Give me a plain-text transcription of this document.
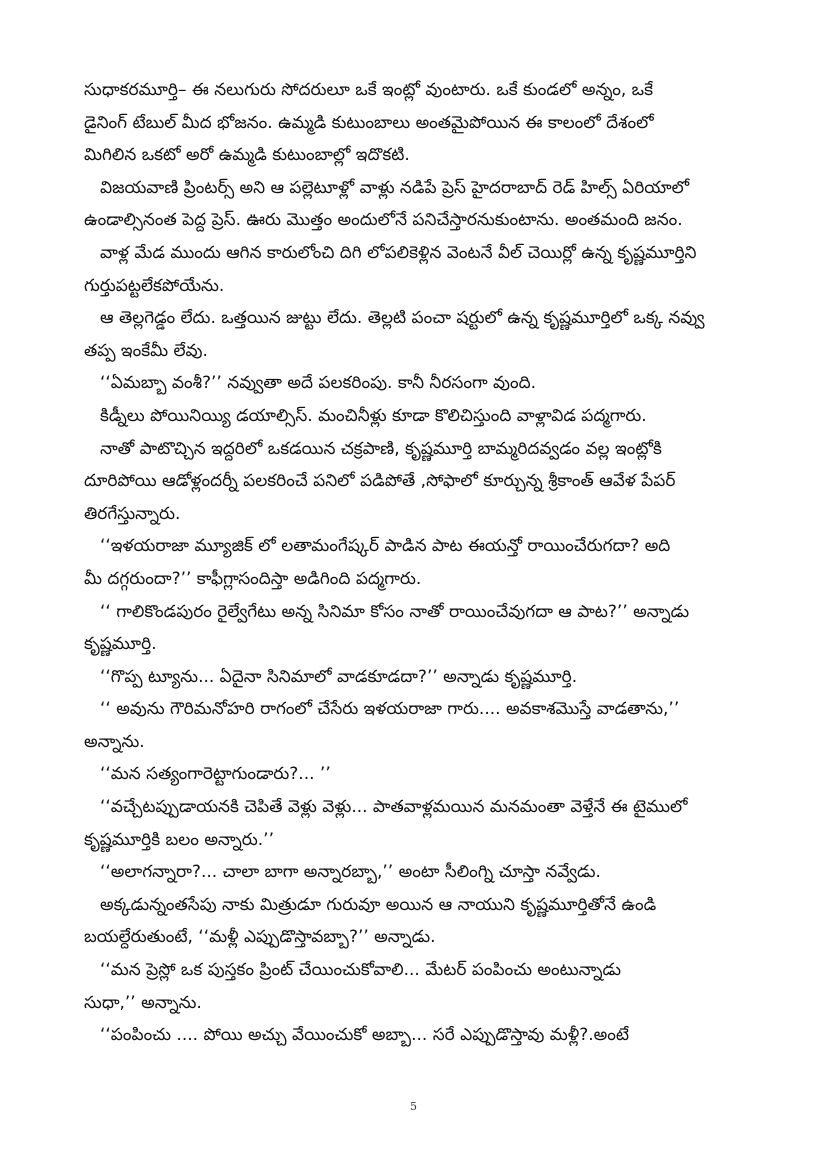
సుధాకరమూర్తి– ఈ నలుగురు సోదరులూ ఒకే ఇంట్లో వుంటారు. ఒకే కుండలో అన్నం, ఒకే
డైనింగ్ టేబుల్ మీద భోజనం. ఉమ్మడి కుటుంబాలు అంతమైపోయిన ఈ కాలంలో దేశంలో
మిగిలిన ఒకటో అరో ఉమ్మడి కుటుంబాల్లో ఇదొకటి.
విజయవాణి ప్రింటర్స్ అని ఆ పల్లెటూళ్లో వాళ్లు నడిపే ప్రెస్ హైదరాబాద్ రెడ్ హిల్స్ ఏరియాలో
ఉండాల్సినంత పెద్ద ప్రెస్. ఊరు మొత్తం అందులోనే పనిచేస్తారనుకుంటాను. అంతమంది జనం.
వాళ్ల మేడ ముందు ఆగిన కారులోంచి దిగి లోపలికెళ్లిన వెంటనే వీల్ చెయిర్లో ఉన్న కృష్ణమూర్తిని
గుర్తుపట్టలేకపోయేను.
ఆ తెల్లగెడ్డం లేదు. ఒత్తయిన జుట్టు లేదు. తెల్లటి పంచా షర్టులో ఉన్న కృష్ణమూర్తిలో ఒక్క నవ్వు
తప్ప ఇంకేమీ లేవు.
‘‘ఏమబ్బా వంశీ?’’ నవ్వుతా అదే పలకరింపు. కానీ నీరసంగా వుంది.
కిడ్నీలు పోయినియ్యి డయాల్సిస్. మంచినీళ్లు కూడా కొలిచిస్తుంది వాళ్లావిడ పద్మగారు.
నాతో పాటొచ్చిన ఇద్దరిలో ఒకడయిన చక్రపాణి, కృష్ణమూర్తి బామ్మరిదవ్వడం వల్ల ఇంట్లోకి
దూరిపోయి ఆడోళ్లందర్నీ పలకరించే పనిలో పడిపోతే ,సోఫాలో కూర్చున్న శ్రీకాంత్ ఆవేళ పేపర్
తిరగేస్తున్నారు.
‘‘ఇళయరాజా మ్యూజిక్ లో లతామంగేష్కర్ పాడిన పాట ఈయన్తో రాయించేరుగదా? అది
మీ దగ్గరుందా?’’ కాఫీగ్లాసందిస్తా అడిగింది పద్మగారు.
‘‘ గాలికొండపురం రైల్వేగేటు అన్న సినిమా కోసం నాతో రాయించేవుగదా ఆ పాట?’’ అన్నాడు
కృష్ణమూర్తి.
‘‘గొప్ప ట్యూను... ఏదైనా సినిమాలో వాడకూడదా?’’ అన్నాడు కృష్ణమూర్తి.
‘‘ అవును గౌరిమనోహరి రాగంలో చేసేరు ఇళయరాజా గారు.... అవకాశమొస్తే వాడతాను,’’
అన్నాను.
‘‘మన సత్యంగారెట్టాగుండారు?... ’’
‘‘వచ్చేటప్పుడాయనకి చెపితే వెళ్లు వెళ్లు... పాతవాళ్లమయిన మనమంతా వెళ్తేనే ఈ టైములో
కృష్ణమూర్తికి బలం అన్నారు.’’
‘‘అలాగన్నారా?... చాలా బాగా అన్నారబ్బా,’’ అంటా సీలింగ్ని చూస్తా నవ్వేడు.
అక్కడున్నంతసేపు నాకు మిత్రుడూ గురువూ అయిన ఆ నాయుని కృష్ణమూర్తితోనే ఉండి
బయల్దేరుతుంటే, ‘‘మళ్లీ ఎప్పుడొస్తావబ్బా?’’ అన్నాడు.
‘‘మన ప్రెస్లో ఒక పుస్తకం ప్రింట్ చేయించుకోవాలి... మేటర్ పంపించు అంటున్నాడు
సుధా,’’ అన్నాను.
‘‘పంపించు .... పోయి అచ్చు వేయించుకో అబ్బా... సరే ఎప్పుడొస్తావు మళ్లీ?.అంటే
5
